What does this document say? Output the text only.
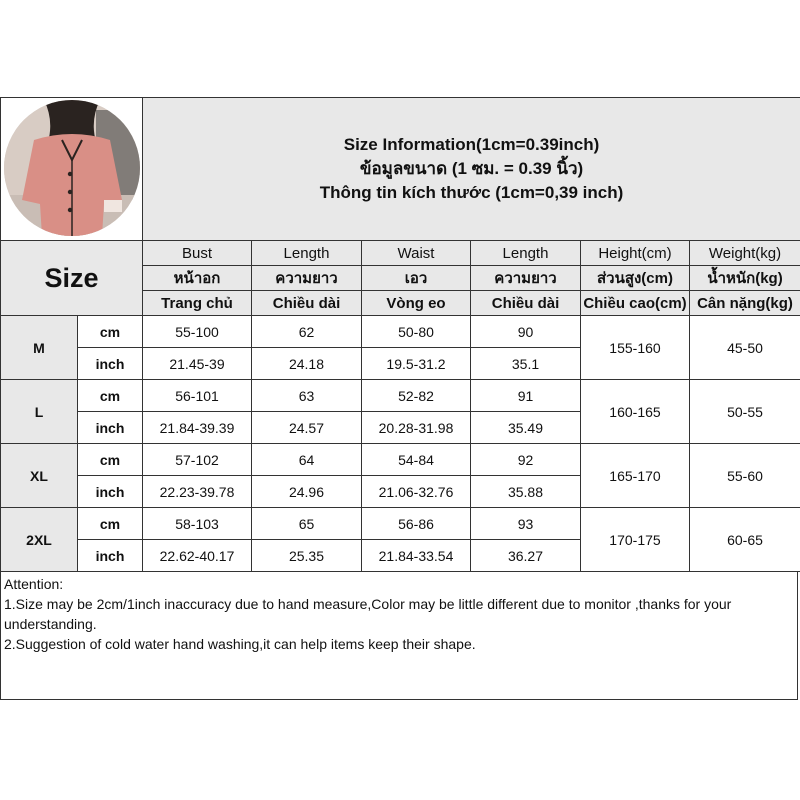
Size Information(1cm=0.39inch)
ข้อมูลขนาด (1 ซม. = 0.39 นิ้ว)
Thông tin kích thước (1cm=0,39 inch)					

Size		Bust	Length	Waist	Length	Height(cm)	Weight(kg)
		หน้าอก	ความยาว	เอว	ความยาว	ส่วนสูง(cm)	น้ำหนัก(kg)
		Trang chủ	Chiều dài	Vòng eo	Chiều dài	Chiều cao(cm)	Cân nặng(kg)
M	cm	55-100	62	50-80	90	155-160	45-50
	inch	21.45-39	24.18	19.5-31.2	35.1		
L	cm	56-101	63	52-82	91	160-165	50-55
	inch	21.84-39.39	24.57	20.28-31.98	35.49		
XL	cm	57-102	64	54-84	92	165-170	55-60
	inch	22.23-39.78	24.96	21.06-32.76	35.88		
2XL	cm	58-103	65	56-86	93	170-175	60-65
	inch	22.62-40.17	25.35	21.84-33.54	36.27		

Attention:

1.Size may be 2cm/1inch inaccuracy due to hand measure,Color may be little different due to monitor ,thanks for your understanding.

2.Suggestion of cold water hand washing,it can help items keep their shape.
